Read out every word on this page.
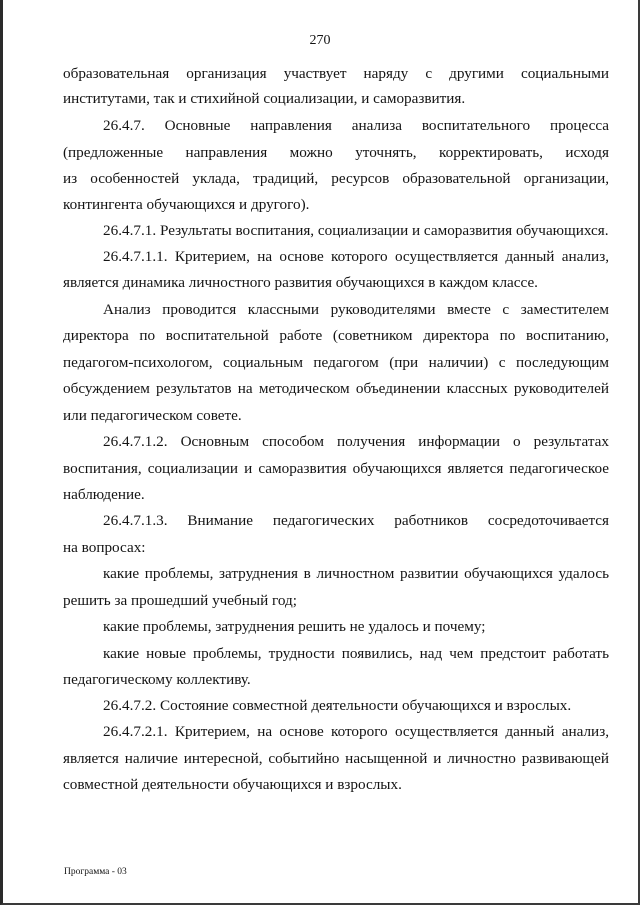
270
образовательная организация участвует наряду с другими социальными
институтами, так и стихийной социализации, и саморазвития.
26.4.7. Основные направления анализа воспитательного процесса
(предложенные направления можно уточнять, корректировать, исходя
из особенностей уклада, традиций, ресурсов образовательной организации,
контингента обучающихся и другого).
26.4.7.1. Результаты воспитания, социализации и саморазвития обучающихся.
26.4.7.1.1. Критерием, на основе которого осуществляется данный анализ,
является динамика личностного развития обучающихся в каждом классе.
Анализ проводится классными руководителями вместе с заместителем
директора по воспитательной работе (советником директора по воспитанию,
педагогом-психологом, социальным педагогом (при наличии) с последующим
обсуждением результатов на методическом объединении классных руководителей
или педагогическом совете.
26.4.7.1.2. Основным способом получения информации о результатах
воспитания, социализации и саморазвития обучающихся является педагогическое
наблюдение.
26.4.7.1.3. Внимание педагогических работников сосредоточивается
на вопросах:
какие проблемы, затруднения в личностном развитии обучающихся удалось
решить за прошедший учебный год;
какие проблемы, затруднения решить не удалось и почему;
какие новые проблемы, трудности появились, над чем предстоит работать
педагогическому коллективу.
26.4.7.2. Состояние совместной деятельности обучающихся и взрослых.
26.4.7.2.1. Критерием, на основе которого осуществляется данный анализ,
является наличие интересной, событийно насыщенной и личностно развивающей
совместной деятельности обучающихся и взрослых.
Программа - 03
